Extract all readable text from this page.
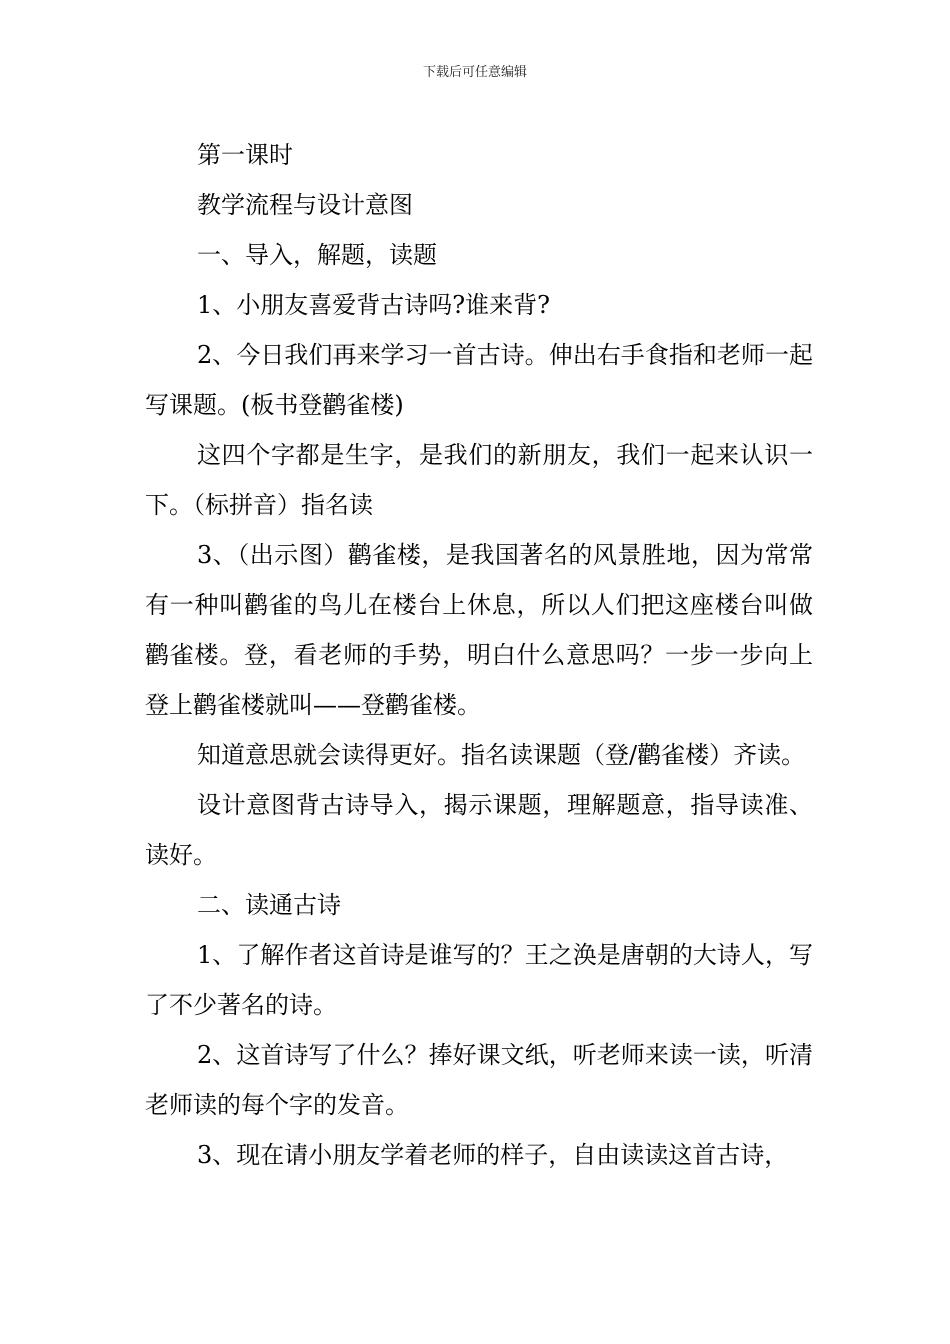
下载后可任意编辑

第一课时

教学流程与设计意图

一、导入，解题，读题

1、小朋友喜爱背古诗吗?谁来背?

2、今日我们再来学习一首古诗。伸出右手食指和老师一起写课题。(板书登鹳雀楼)

这四个字都是生字，是我们的新朋友，我们一起来认识一下。（标拼音）指名读

3、（出示图）鹳雀楼，是我国著名的风景胜地，因为常常有一种叫鹳雀的鸟儿在楼台上休息，所以人们把这座楼台叫做鹳雀楼。登，看老师的手势，明白什么意思吗？一步一步向上登上鹳雀楼就叫——登鹳雀楼。

知道意思就会读得更好。指名读课题（登/鹳雀楼）齐读。

设计意图背古诗导入，揭示课题，理解题意，指导读准、读好。

二、读通古诗

1、了解作者这首诗是谁写的？王之涣是唐朝的大诗人，写了不少著名的诗。

2、这首诗写了什么？捧好课文纸，听老师来读一读，听清老师读的每个字的发音。

3、现在请小朋友学着老师的样子，自由读读这首古诗，
